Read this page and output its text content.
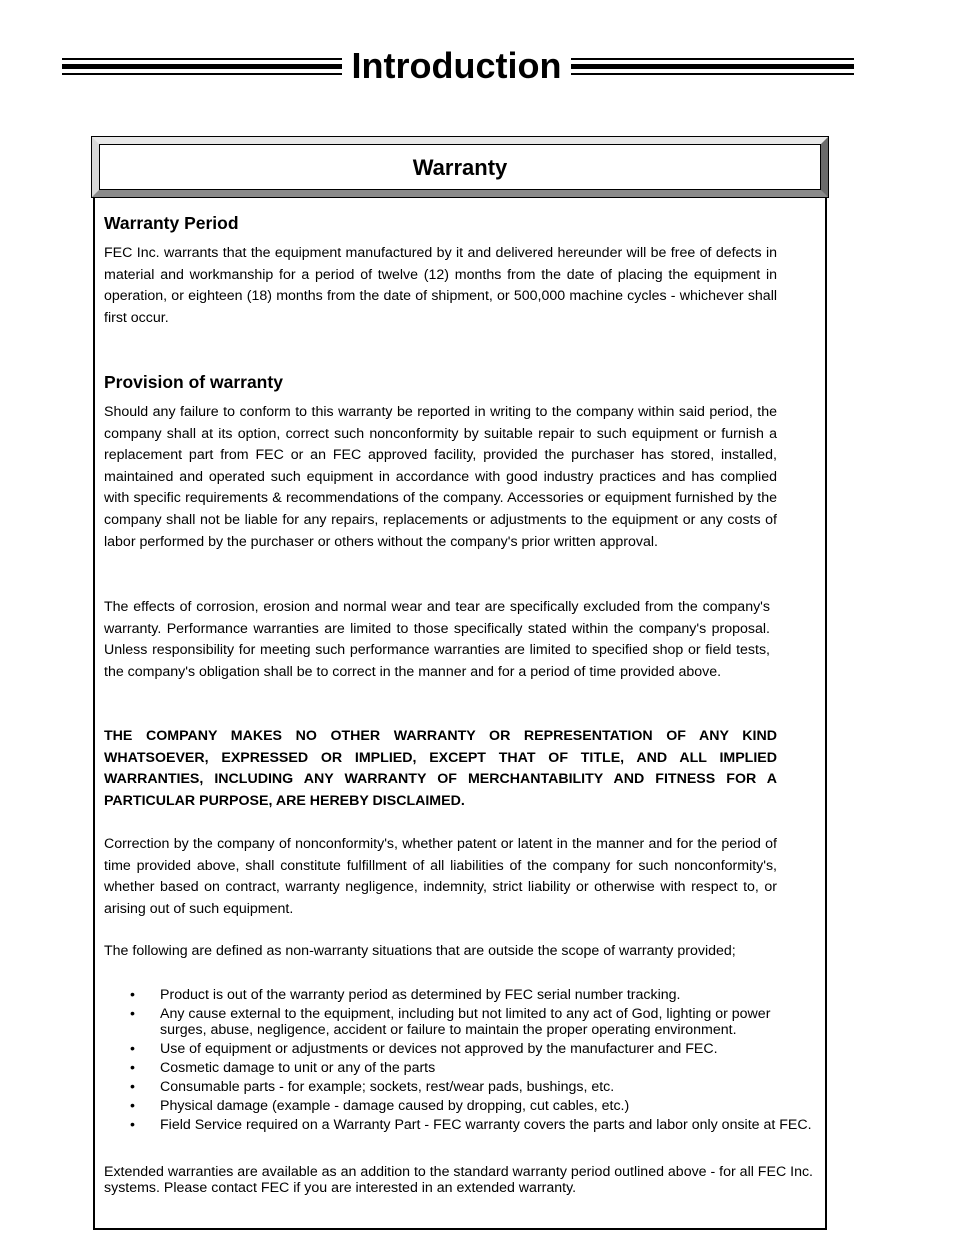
Introduction
Warranty
Warranty Period

FEC Inc. warrants that the equipment manufactured by it and delivered hereunder will be free of defects in material and workmanship for a period of twelve (12) months from the date of placing the equipment in operation, or eighteen (18) months from the date of shipment, or 500,000 machine cycles - whichever shall first occur.

Provision of warranty

Should any failure to conform to this warranty be reported in writing to the company within said period, the company shall at its option, correct such nonconformity by suitable repair to such equipment or furnish a replacement part from FEC or an FEC approved facility, provided the purchaser has stored, installed, maintained and operated such equipment in accordance with good industry practices and has complied with specific requirements & recommendations of the company. Accessories or equipment furnished by the company shall not be liable for any repairs, replacements or adjustments to the equipment or any costs of labor performed by the purchaser or others without the company's prior written approval.

The effects of corrosion, erosion and normal wear and tear are specifically excluded from the company's warranty. Performance warranties are limited to those specifically stated within the company's proposal. Unless responsibility for meeting such performance warranties are limited to specified shop or field tests, the company's obligation shall be to correct in the manner and for a period of time provided above.

THE COMPANY MAKES NO OTHER WARRANTY OR REPRESENTATION OF ANY KIND WHATSOEVER, EXPRESSED OR IMPLIED, EXCEPT THAT OF TITLE, AND ALL IMPLIED WARRANTIES, INCLUDING ANY WARRANTY OF MERCHANTABILITY AND FITNESS FOR A PARTICULAR PURPOSE, ARE HEREBY DISCLAIMED.

Correction by the company of nonconformity's, whether patent or latent in the manner and for the period of time provided above, shall constitute fulfillment of all liabilities of the company for such nonconformity's, whether based on contract, warranty negligence, indemnity, strict liability or otherwise with respect to, or arising out of such equipment.

The following are defined as non-warranty situations that are outside the scope of warranty provided;

• Product is out of the warranty period as determined by FEC serial number tracking.
• Any cause external to the equipment, including but not limited to any act of God, lighting or power surges, abuse, negligence, accident or failure to maintain the proper operating environment.
• Use of equipment or adjustments or devices not approved by the manufacturer and FEC.
• Cosmetic damage to unit or any of the parts
• Consumable parts - for example; sockets, rest/wear pads, bushings, etc.
• Physical damage (example - damage caused by dropping, cut cables, etc.)
• Field Service required on a Warranty Part - FEC warranty covers the parts and labor only onsite at FEC.

Extended warranties are available as an addition to the standard warranty period outlined above - for all FEC Inc. systems. Please contact FEC if you are interested in an extended warranty.
